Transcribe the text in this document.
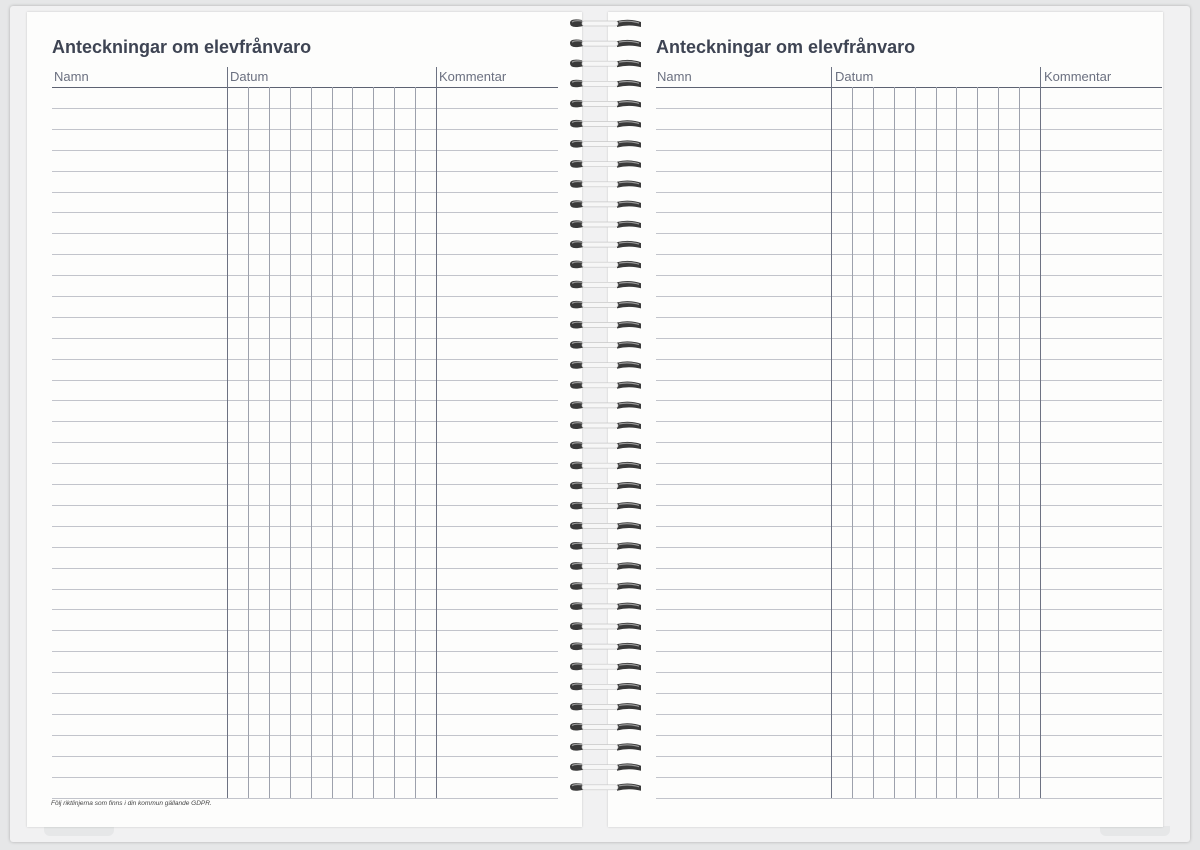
Anteckningar om elevfrånvaro
Namn	Datum	Kommentar
Följ riktlinjerna som finns i din kommun gällande GDPR.
Anteckningar om elevfrånvaro
Namn	Datum	Kommentar
